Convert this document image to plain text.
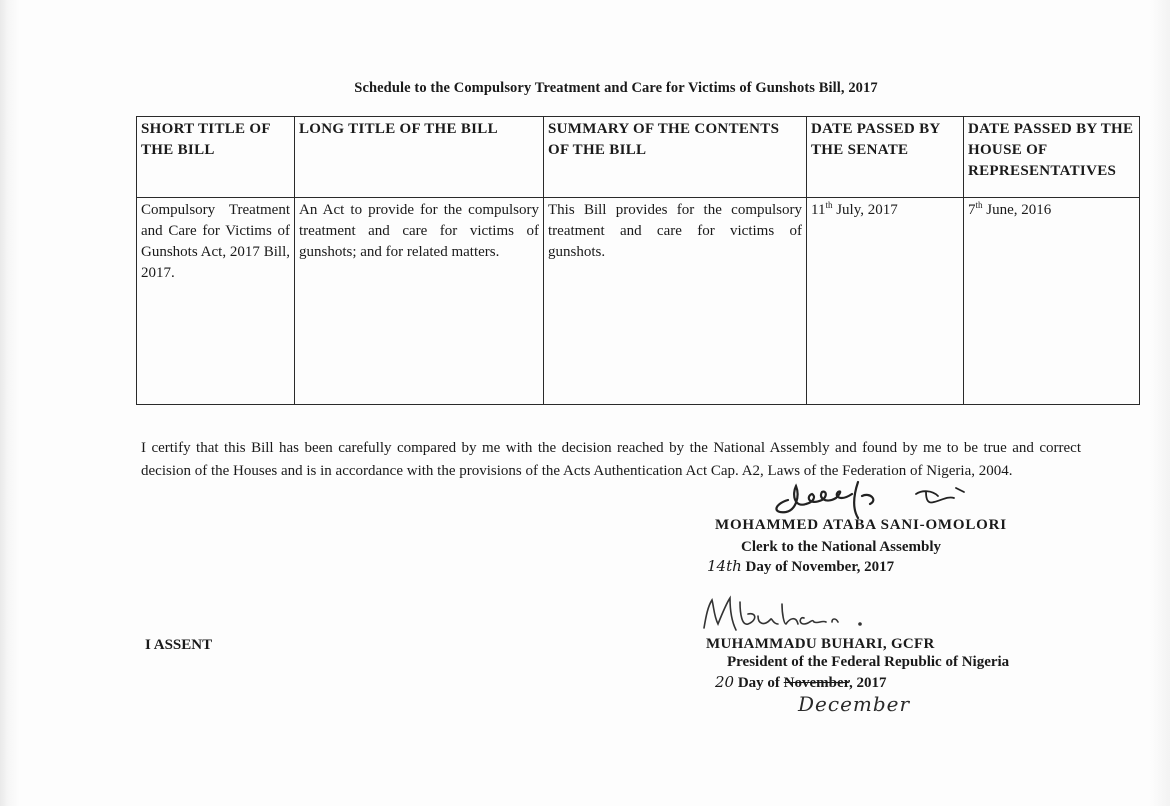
Schedule to the Compulsory Treatment and Care for Victims of Gunshots Bill, 2017
SHORT TITLE OF THE BILL	LONG TITLE OF THE BILL	SUMMARY OF THE CONTENTS OF THE BILL	DATE PASSED BY THE SENATE	DATE PASSED BY THE HOUSE OF REPRESENTATIVES
Compulsory Treatment and Care for Victims of Gunshots Act, 2017 Bill, 2017.	An Act to provide for the compulsory treatment and care for victims of gunshots; and for related matters.	This Bill provides for the compulsory treatment and care for victims of gunshots.	11th July, 2017	7th June, 2016
I certify that this Bill has been carefully compared by me with the decision reached by the National Assembly and found by me to be true and correct decision of the Houses and is in accordance with the provisions of the Acts Authentication Act Cap. A2, Laws of the Federation of Nigeria, 2004.
MOHAMMED ATABA SANI-OMOLORI
Clerk to the National Assembly
14th Day of November, 2017
I ASSENT	MUHAMMADU BUHARI, GCFR
President of the Federal Republic of Nigeria
20 Day of November, 2017
December
